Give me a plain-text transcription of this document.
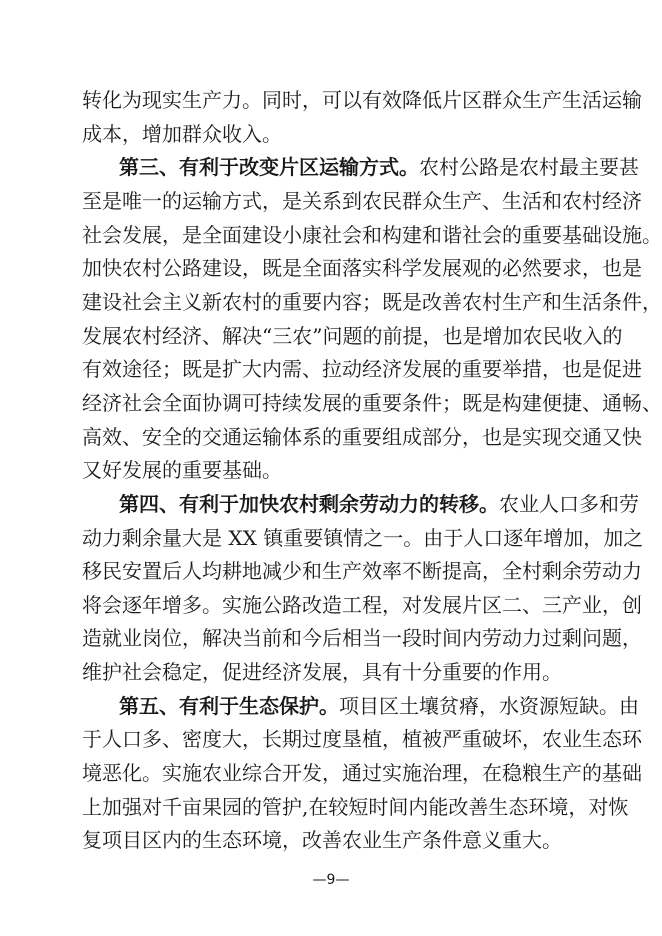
转化为现实生产力。同时，可以有效降低片区群众生产生活运输
成本，增加群众收入。
第三、有利于改变片区运输方式。农村公路是农村最主要甚
至是唯一的运输方式，是关系到农民群众生产、生活和农村经济
社会发展，是全面建设小康社会和构建和谐社会的重要基础设施。
加快农村公路建设，既是全面落实科学发展观的必然要求，也是
建设社会主义新农村的重要内容；既是改善农村生产和生活条件，
发展农村经济、解决“三农”问题的前提，也是增加农民收入的
有效途径；既是扩大内需、拉动经济发展的重要举措，也是促进
经济社会全面协调可持续发展的重要条件；既是构建便捷、通畅、
高效、安全的交通运输体系的重要组成部分，也是实现交通又快
又好发展的重要基础。
第四、有利于加快农村剩余劳动力的转移。农业人口多和劳
动力剩余量大是 XX 镇重要镇情之一。由于人口逐年增加，加之
移民安置后人均耕地减少和生产效率不断提高，全村剩余劳动力
将会逐年增多。实施公路改造工程，对发展片区二、三产业，创
造就业岗位，解决当前和今后相当一段时间内劳动力过剩问题，
维护社会稳定，促进经济发展，具有十分重要的作用。
第五、有利于生态保护。项目区土壤贫瘠，水资源短缺。由
于人口多、密度大，长期过度垦植，植被严重破坏，农业生态环
境恶化。实施农业综合开发，通过实施治理，在稳粮生产的基础
上加强对千亩果园的管护,在较短时间内能改善生态环境，对恢
复项目区内的生态环境，改善农业生产条件意义重大。
—9—
